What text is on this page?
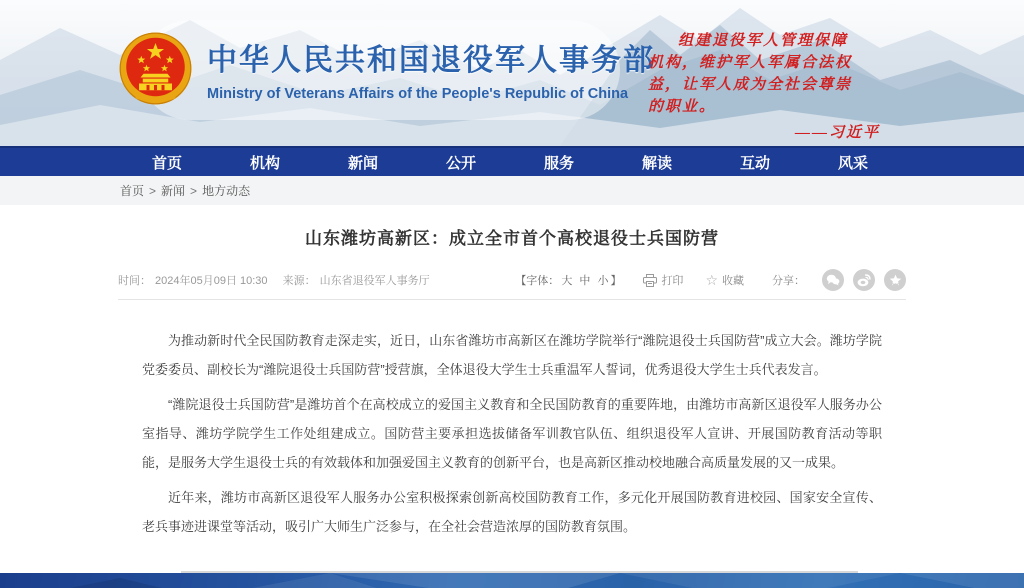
中华人民共和国退役军人事务部
Ministry of Veterans Affairs of the People's Republic of China
组建退役军人管理保障
机构，维护军人军属合法权
益，让军人成为全社会尊崇
的职业。
——习近平
首页	机构	新闻	公开	服务	解读	互动	风采
首页 > 新闻 > 地方动态
山东潍坊高新区：成立全市首个高校退役士兵国防营
时间： 2024年05月09日 10:30 来源： 山东省退役军人事务厅	【字体： 大 中 小 】	打印 ☆ 收藏	分享：

为推动新时代全民国防教育走深走实，近日，山东省潍坊市高新区在潍坊学院举行“潍院退役士兵国防营”成立大会。潍坊学院党委委员、副校长为“潍院退役士兵国防营”授营旗，全体退役大学生士兵重温军人誓词，优秀退役大学生士兵代表发言。

“潍院退役士兵国防营”是潍坊首个在高校成立的爱国主义教育和全民国防教育的重要阵地，由潍坊市高新区退役军人服务办公室指导、潍坊学院学生工作处组建成立。国防营主要承担选拔储备军训教官队伍、组织退役军人宣讲、开展国防教育活动等职能，是服务大学生退役士兵的有效载体和加强爱国主义教育的创新平台，也是高新区推动校地融合高质量发展的又一成果。

近年来，潍坊市高新区退役军人服务办公室积极探索创新高校国防教育工作，多元化开展国防教育进校园、国家安全宣传、老兵事迹进课堂等活动，吸引广大师生广泛参与，在全社会营造浓厚的国防教育氛围。
